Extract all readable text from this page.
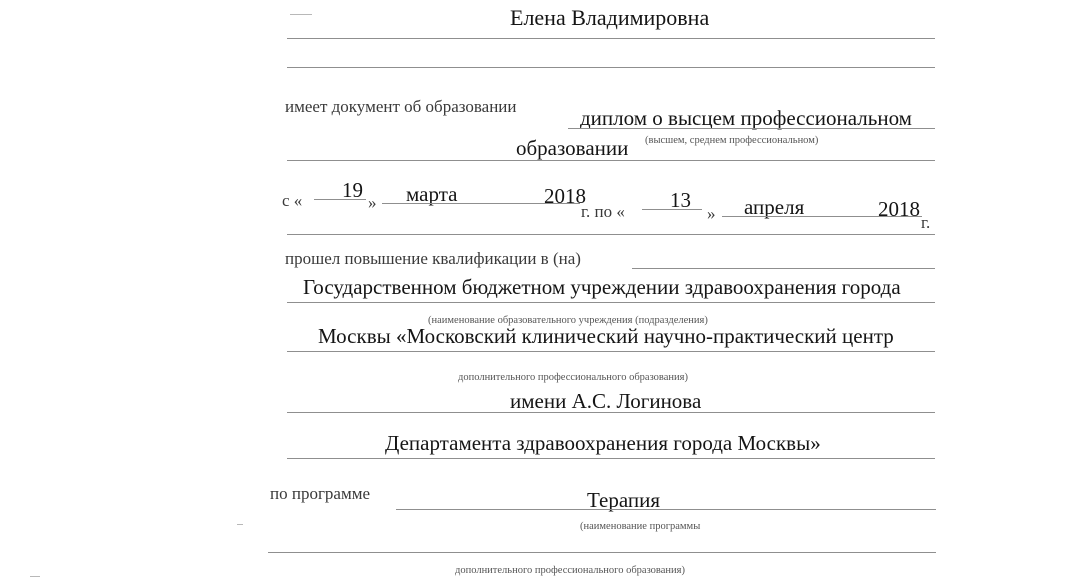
Елена Владимировна
имеет документ об образовании	диплом о высцем профессиональном
образовании (высшем, среднем профессиональном)
с « 19
» марта	2018
г. по « 13
» апреля	2018
г.
прошел повышение квалификации в (на)
Государственном бюджетном учреждении здравоохранения города
(наименование образовательного учреждения (подразделения)
Москвы «Московский клинический научно-практический центр
дополнительного профессионального образования)
имени А.С. Логинова
Департамента здравоохранения города Москвы»
по программе	Терапия
(наименование программы
дополнительного профессионального образования)
